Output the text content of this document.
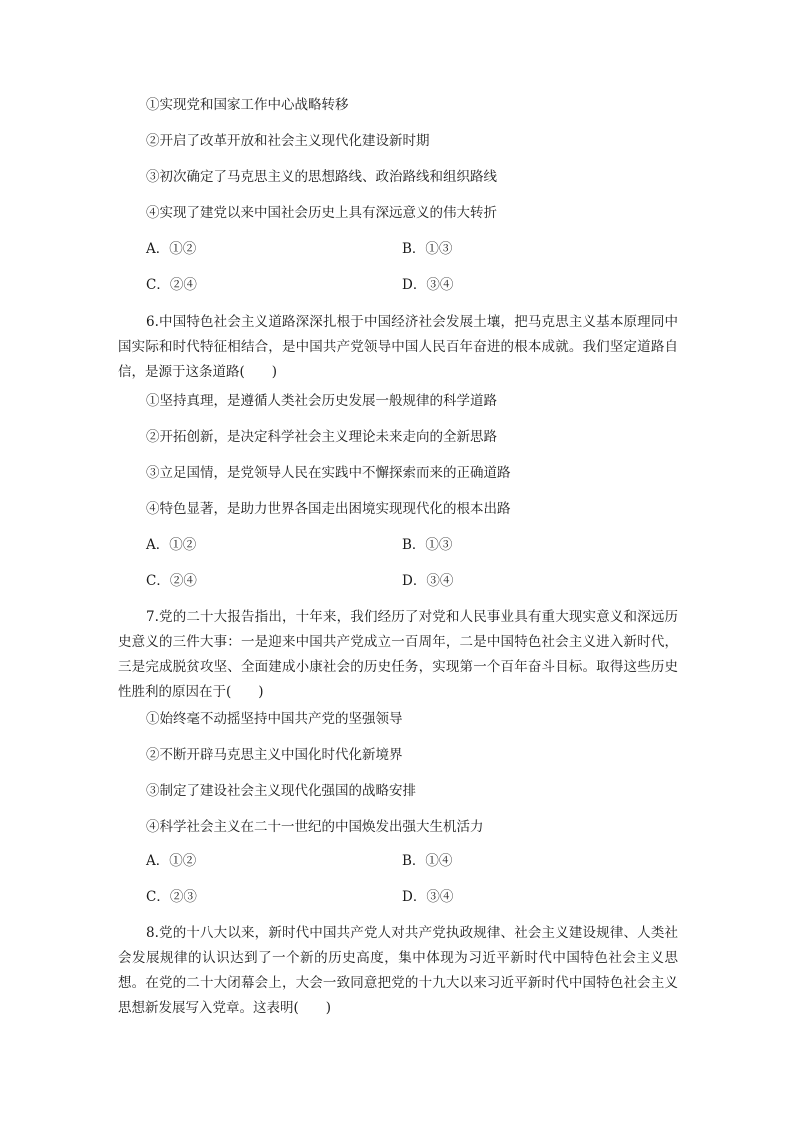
①实现党和国家工作中心战略转移
②开启了改革开放和社会主义现代化建设新时期
③初次确定了马克思主义的思想路线、政治路线和组织路线
④实现了建党以来中国社会历史上具有深远意义的伟大转折
A．①②	B．①③
C．②④	D．③④
6.中国特色社会主义道路深深扎根于中国经济社会发展土壤，把马克思主义基本原理同中国实际和时代特征相结合，是中国共产党领导中国人民百年奋进的根本成就。我们坚定道路自信，是源于这条道路(　　)
①坚持真理，是遵循人类社会历史发展一般规律的科学道路
②开拓创新，是决定科学社会主义理论未来走向的全新思路
③立足国情，是党领导人民在实践中不懈探索而来的正确道路
④特色显著，是助力世界各国走出困境实现现代化的根本出路
A．①②	B．①③
C．②④	D．③④
7.党的二十大报告指出，十年来，我们经历了对党和人民事业具有重大现实意义和深远历史意义的三件大事：一是迎来中国共产党成立一百周年，二是中国特色社会主义进入新时代，三是完成脱贫攻坚、全面建成小康社会的历史任务，实现第一个百年奋斗目标。取得这些历史性胜利的原因在于(　　)
①始终毫不动摇坚持中国共产党的坚强领导
②不断开辟马克思主义中国化时代化新境界
③制定了建设社会主义现代化强国的战略安排
④科学社会主义在二十一世纪的中国焕发出强大生机活力
A．①②	B．①④
C．②③	D．③④
8.党的十八大以来，新时代中国共产党人对共产党执政规律、社会主义建设规律、人类社会发展规律的认识达到了一个新的历史高度，集中体现为习近平新时代中国特色社会主义思想。在党的二十大闭幕会上，大会一致同意把党的十九大以来习近平新时代中国特色社会主义思想新发展写入党章。这表明(　　)
